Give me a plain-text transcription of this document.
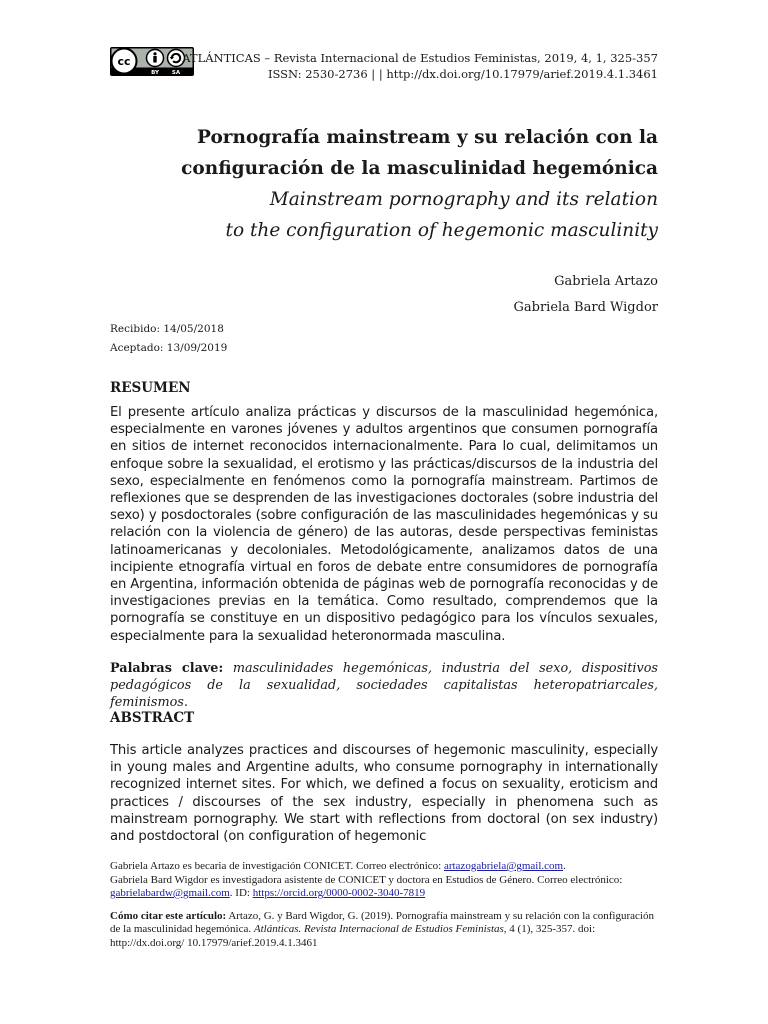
cc
BY SA
ATLÁNTICAS – Revista Internacional de Estudios Feministas, 2019, 4, 1, 325-357
ISSN: 2530-2736 | | http://dx.doi.org/10.17979/arief.2019.4.1.3461
Pornografía mainstream y su relación con la
configuración de la masculinidad hegemónica
Mainstream pornography and its relation
to the configuration of hegemonic masculinity
Gabriela Artazo
Gabriela Bard Wigdor
Recibido: 14/05/2018
Aceptado: 13/09/2019
RESUMEN
El presente artículo analiza prácticas y discursos de la masculinidad hegemónica, especialmente en varones jóvenes y adultos argentinos que consumen pornografía en sitios de internet reconocidos internacionalmente. Para lo cual, delimitamos un enfoque sobre la sexualidad, el erotismo y las prácticas/discursos de la industria del sexo, especialmente en fenómenos como la pornografía mainstream. Partimos de reflexiones que se desprenden de las investigaciones doctorales (sobre industria del sexo) y posdoctorales (sobre configuración de las masculinidades hegemónicas y su relación con la violencia de género) de las autoras, desde perspectivas feministas latinoamericanas y decoloniales. Metodológicamente, analizamos datos de una incipiente etnografía virtual en foros de debate entre consumidores de pornografía en Argentina, información obtenida de páginas web de pornografía reconocidas y de investigaciones previas en la temática. Como resultado, comprendemos que la pornografía se constituye en un dispositivo pedagógico para los vínculos sexuales, especialmente para la sexualidad heteronormada masculina.
Palabras clave: masculinidades hegemónicas, industria del sexo, dispositivos pedagógicos de la sexualidad, sociedades capitalistas heteropatriarcales, feminismos.
ABSTRACT
This article analyzes practices and discourses of hegemonic masculinity, especially in young males and Argentine adults, who consume pornography in internationally recognized internet sites. For which, we defined a focus on sexuality, eroticism and practices / discourses of the sex industry, especially in phenomena such as mainstream pornography. We start with reflections from doctoral (on sex industry) and postdoctoral (on configuration of hegemonic
Gabriela Artazo es becaria de investigación CONICET. Correo electrónico: artazogabriela@gmail.com.
Gabriela Bard Wigdor es investigadora asistente de CONICET y doctora en Estudios de Género. Correo electrónico: gabrielabardw@gmail.com. ID: https://orcid.org/0000-0002-3040-7819
Cómo citar este artículo: Artazo, G. y Bard Wigdor, G. (2019). Pornografía mainstream y su relación con la configuración de la masculinidad hegemónica. Atlánticas. Revista Internacional de Estudios Feministas, 4 (1), 325-357. doi: http://dx.doi.org/ 10.17979/arief.2019.4.1.3461
